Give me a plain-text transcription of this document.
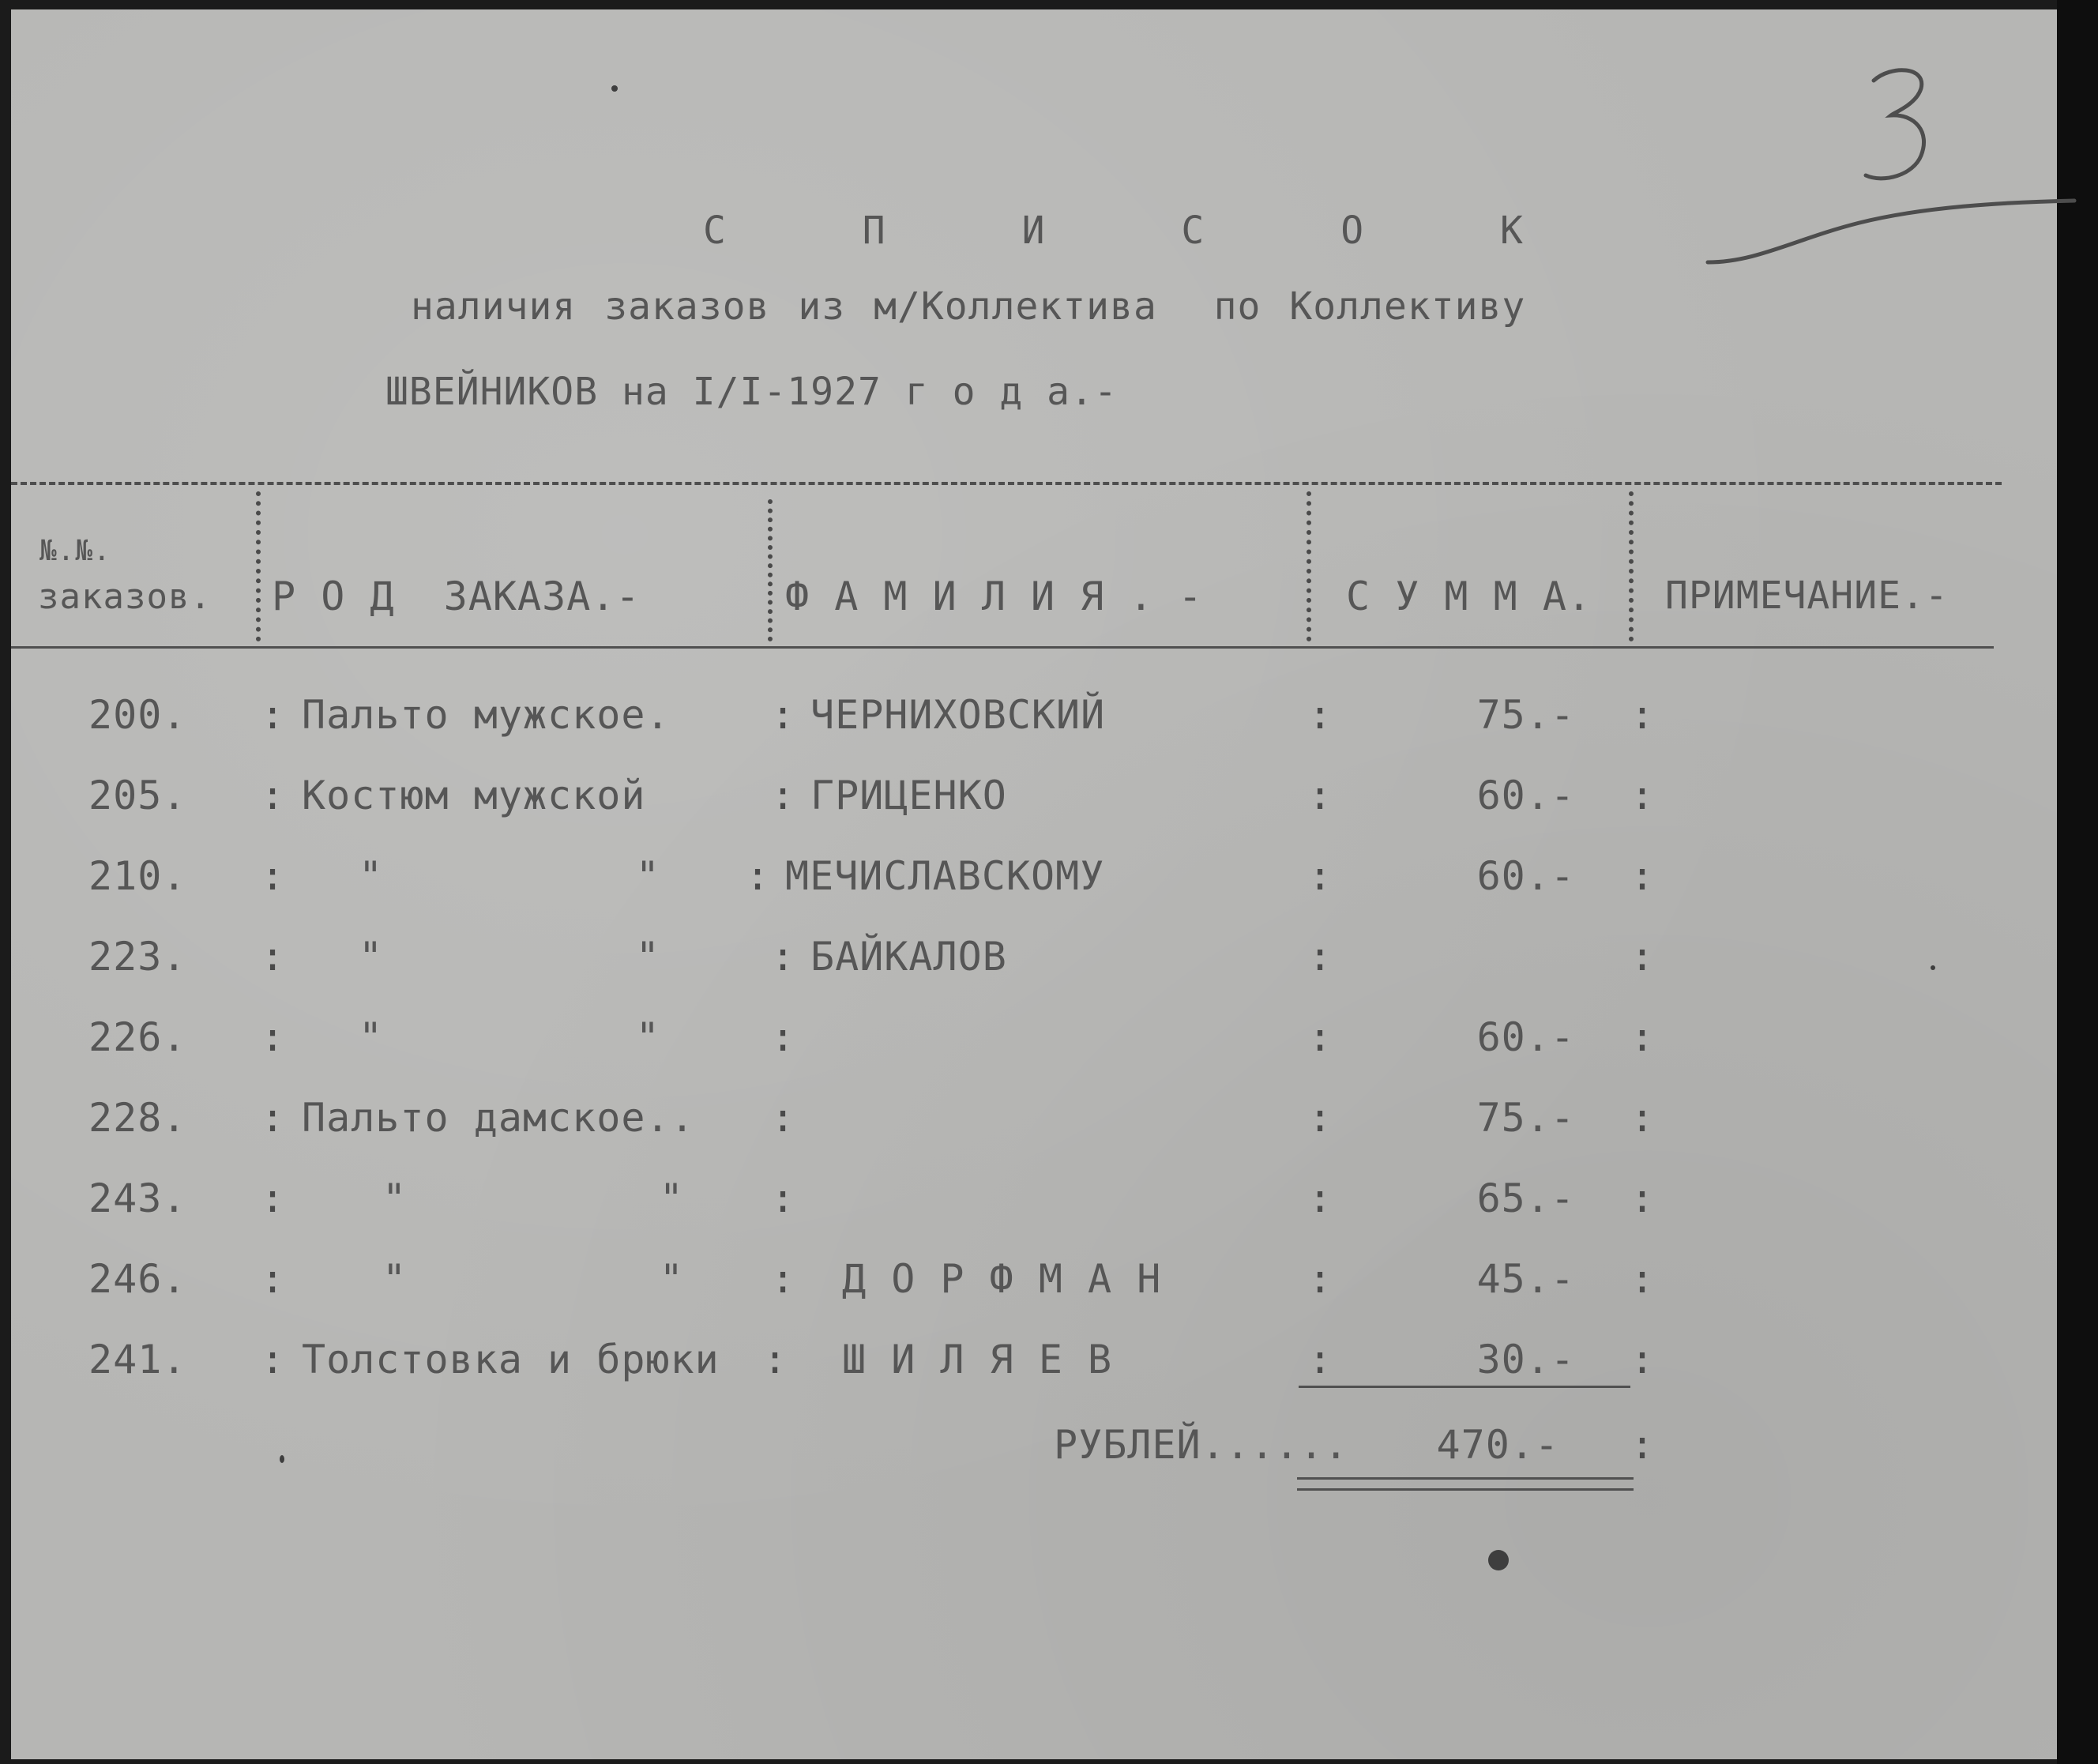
С П И С О К
наличия заказов из м/Коллектива  по Коллективу
ШВЕЙНИКОВ на I/I-1927 г о д а.-
№.№.
заказов. Р О Д  ЗАКАЗА.-	Ф А М И Л И Я . -	С У М М А. ПРИМЕЧАНИЕ.-
200. : Пальто мужское.	: ЧЕРНИХОВСКИЙ	:	75.- :
205. : Костюм мужской	: ГРИЦЕНКО	:	60.- :
210. : "      " : МЕЧИСЛАВСКОМУ	:	60.- :
223. : "      " : БАЙКАЛОВ	:	:
226. : "      " :	:	60.- :
228. : Пальто дамское.. :	:	75.- :
243. : "      " :	:	65.- :
246. : "      " : Д О Р Ф М А Н	:	45.- :
241. : Толстовка и брюки : Ш И Л Я Е В	:	30.- :
РУБЛЕЙ...... 470.- :
